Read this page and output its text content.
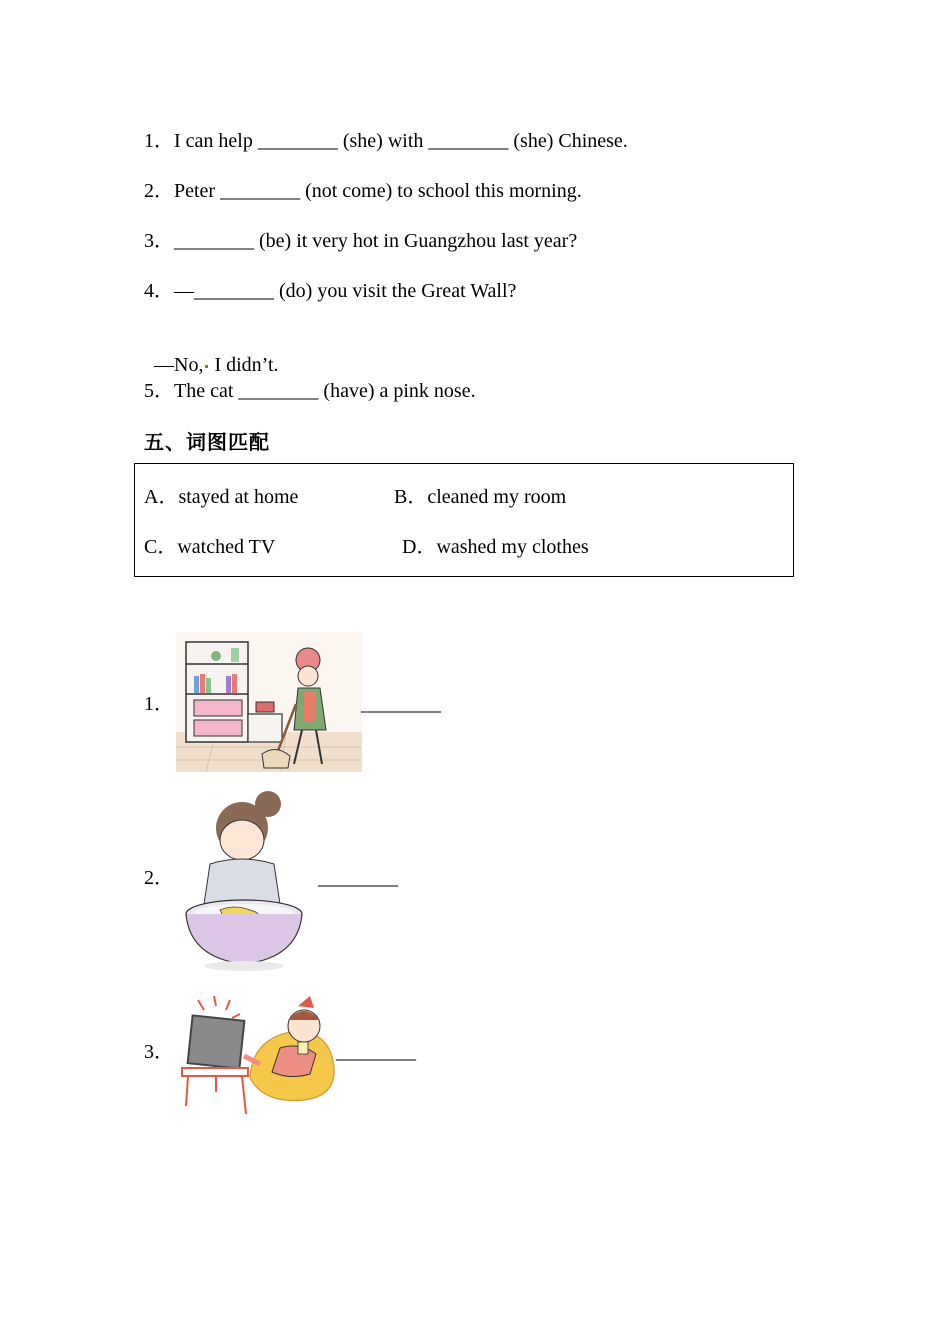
1．I can help ________ (she) with ________ (she) Chinese.
2．Peter ________ (not come) to school this morning.
3．________ (be) it very hot in Guangzhou last year?
4．—________ (do) you visit the Great Wall?

—No, I didn’t.

5．The cat ________ (have) a pink nose.
五、词图匹配
A．stayed at home	B．cleaned my room
C．watched TV	D．washed my clothes
1．	________
2．	________
3．	________
